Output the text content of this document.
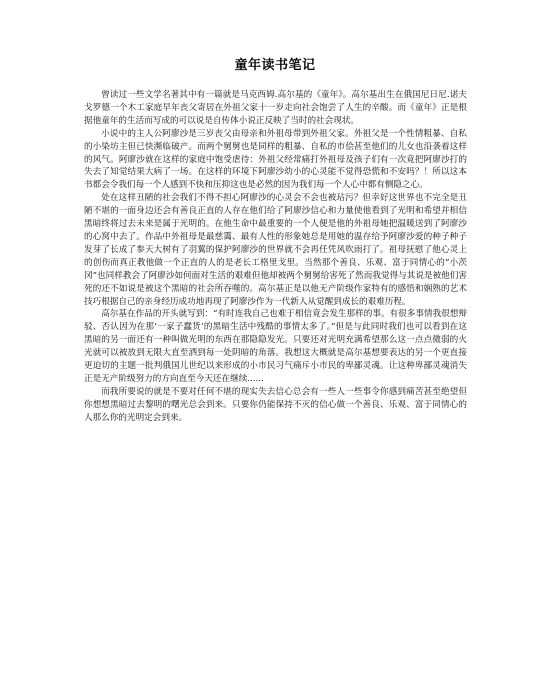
童年读书笔记

曾读过一些文学名著其中有一篇就是马克西姆.高尔基的《童年》。高尔基出生在俄国尼日尼.诺夫戈罗德一个木工家庭早年丧父寄居在外祖父家十一岁走向社会饱尝了人生的辛酸。而《童年》正是根据他童年的生活而写成的可以说是自传体小说正反映了当时的社会现状。

小说中的主人公阿廖沙是三岁丧父由母亲和外祖母带到外祖父家。外祖父是一个性情粗暴、自私的小染坊主但已快濒临破产。而两个舅舅也是同样的粗暴、自私的市侩甚至他们的儿女也沿袭着这样的风气。阿廖沙就在这样的家庭中饱受虐待：外祖父经常痛打外祖母及孩子们有一次竟把阿廖沙打的失去了知觉结果大病了一场。在这样的环境下阿廖沙幼小的心灵能不觉得恐慌和不安吗？！所以这本书都会令我们每一个人感到不快和压抑这也是必然的因为我们每一个人心中都有恻隐之心。

处在这样丑陋的社会我们不得不担心阿廖沙的心灵会不会也被玷污？但幸好这世界也不完全是丑陋不堪的一面身边还会有善良正直的人存在他们给了阿廖沙信心和力量使他看到了光明和希望并相信黑暗终将过去未来是属于光明的。在他生命中最重要的一个人便是他的外祖母她把温暖送到了阿廖沙的心窝中去了。作品中外祖母是最慈霭、最有人性的形象她总是用她的温存给予阿廖沙爱的种子种子发芽了长成了参天大树有了羽翼的保护阿廖沙的世界就不会再任凭风吹雨打了。祖母抚慰了他心灵上的创伤而真正教他做一个正直的人的是老长工格里戈里。当然那个善良、乐观、富于同情心的“小茨冈”也同样教会了阿廖沙如何面对生活的艰难但他却被两个舅舅给害死了然而我觉得与其说是被他们害死的还不如说是被这个黑暗的社会所吞噬的。高尔基正是以他无产阶级作家特有的感悟和娴熟的艺术技巧根据自己的亲身经历成功地再现了阿廖沙作为一代新人从觉醒到成长的艰难历程。

高尔基在作品的开头就写到：“有时连我自己也难于相信竟会发生那样的事。有很多事情我很想辩驳、否认因为在那‘一家子蠢货’的黑暗生活中残酷的事情太多了。”但是与此同时我们也可以看到在这黑暗的另一面还有一种叫做光明的东西在那隐隐发光。只要还对光明充满希望那么这一点点微弱的火光就可以被放到无限大直至洒到每一处阴暗的角落。我想这大概就是高尔基想要表达的另一个更直接更迫切的主题一批判俄国儿世纪以来形成的小市民习气痛斥小市民的卑鄙灵魂。让这种卑鄙灵魂消失正是无产阶级努力的方向直至今天还在继续......

而我所要说的就是不要对任何不堪的现实失去信心总会有一些人一些事令你感到痛苦甚至绝望但你想想黑暗过去黎明的曙光总会到来。只要你仍能保持不灭的信心做一个善良、乐观、富于同情心的人那么你的光明定会到来。
